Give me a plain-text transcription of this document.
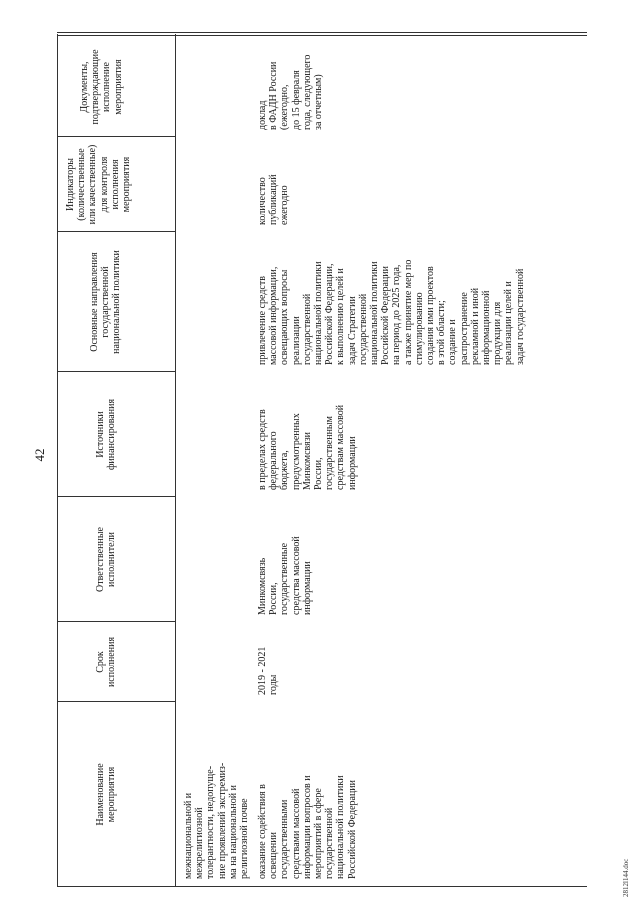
42
Наименование
мероприятия
Срок
исполнения
Ответственные
исполнители
Источники
финансирования
Основные направления
государственной
национальной политики
Индикаторы
(количественные
или качественные)
для контроля
исполнения
мероприятия
Документы,
подтверждающие
исполнение
мероприятия
межнациональной и
межрелигиозной
толерантности, недопуще-
ние проявлений экстремиз-
ма на национальной и
религиозной почве
оказание содействия в
освещении
государственными
средствами массовой
информации вопросов и
мероприятий в сфере
государственной
национальной политики
Российской Федерации
2019 - 2021
годы
Минкомсвязь
России,
государственные
средства массовой
информации
в пределах средств
федерального
бюджета,
предусмотренных
Минкомсвязи
России,
государственным
средствам массовой
информации
привлечение средств
массовой информации,
освещающих вопросы
реализации
государственной
национальной политики
Российской Федерации,
к выполнению целей и
задач Стратегии
государственной
национальной политики
Российской Федерации
на период до 2025 года,
а также принятие мер по
стимулированию
создания ими проектов
в этой области;
создание и
распространение
рекламной и иной
информационной
продукции для
реализации целей и
задач государственной
количество
публикаций
ежегодно
доклад
в ФАДН России
(ежегодно,
до 15 февраля
года, следующего
за отчетным)
2812l144.doc
